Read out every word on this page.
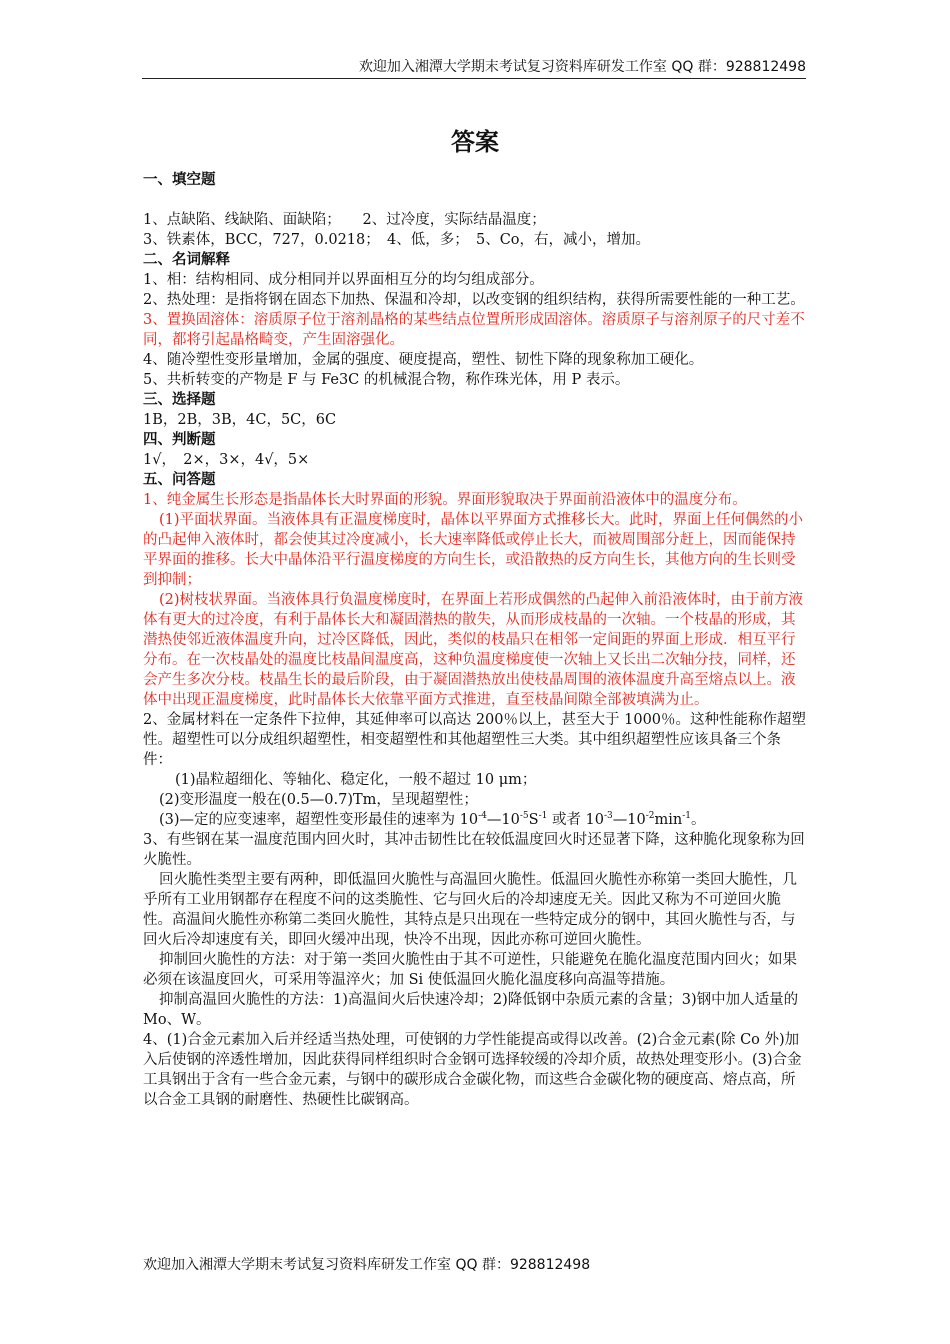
欢迎加入湘潭大学期末考试复习资料库研发工作室 QQ 群：928812498
答案

一、填空题

1、点缺陷、线缺陷、面缺陷；　　2、过冷度，实际结晶温度；

3、铁素体，BCC，727，0.0218；　4、低，多；　5、Co，右，减小，增加。

二、名词解释

1、相：结构相同、成分相同并以界面相互分的均匀组成部分。

2、热处理：是指将钢在固态下加热、保温和冷却，以改变钢的组织结构，获得所需要性能的一种工艺。

3、置换固溶体：溶质原子位于溶剂晶格的某些结点位置所形成固溶体。溶质原子与溶剂原子的尺寸差不同，都将引起晶格畸变，产生固溶强化。

4、随冷塑性变形量增加，金属的强度、硬度提高，塑性、韧性下降的现象称加工硬化。

5、共析转变的产物是 F 与 Fe3C 的机械混合物，称作珠光体，用 P 表示。

三、选择题

1B，2B，3B，4C，5C，6C

四、判断题

1√，　2×，3×，4√，5×

五、问答题

1、纯金属生长形态是指晶体长大时界面的形貌。界面形貌取决于界面前沿液体中的温度分布。

(1)平面状界面。当液体具有正温度梯度时，晶体以平界面方式推移长大。此时，界面上任何偶然的小的凸起伸入液体时，都会使其过冷度减小，长大速率降低或停止长大，而被周围部分赶上，因而能保持平界面的推移。长大中晶体沿平行温度梯度的方向生长，或沿散热的反方向生长，其他方向的生长则受到抑制；

(2)树枝状界面。当液体具行负温度梯度时，在界面上若形成偶然的凸起伸入前沿液体时，由于前方液体有更大的过冷度，有利于晶体长大和凝固潜热的散失，从而形成枝晶的一次轴。一个枝晶的形成，其潜热使邻近液体温度升向，过冷区降低，因此，类似的枝晶只在相邻一定间距的界面上形成．相互平行分布。在一次枝晶处的温度比枝晶间温度高，这种负温度梯度使一次轴上又长出二次轴分技，同样，还会产生多次分枝。枝晶生长的最后阶段，由于凝固潜热放出使枝晶周围的液体温度升高至熔点以上。液体中出现正温度梯度，此时晶体长大依靠平面方式推进，直至枝晶间隙全部被填满为止。

2、金属材料在一定条件下拉伸，其延伸率可以高达 200％以上，甚至大于 1000％。这种性能称作超塑性。超塑性可以分成组织超塑性，相变超塑性和其他超塑性三大类。其中组织超塑性应该具备三个条件：

(1)晶粒超细化、等轴化、稳定化，一般不超过 10 μm；

(2)变形温度一般在(0.5—0.7)Tm，呈现超塑性；

(3)—定的应变速率，超塑性变形最佳的速率为 $10^{-4}—10^{-5}S^{-1}$ 或者 $10^{-3}—10^{-2}\min^{-1}$。

3、有些钢在某一温度范围内回火时，其冲击韧性比在较低温度回火时还显著下降，这种脆化现象称为回火脆性。

回火脆性类型主要有两种，即低温回火脆性与高温回火脆性。低温回火脆性亦称第一类回大脆性，几乎所有工业用钢都存在程度不问的这类脆性、它与回火后的冷却速度无关。因此又称为不可逆回火脆性。高温间火脆性亦称第二类回火脆性，其特点是只出现在一些特定成分的钢中，其回火脆性与否，与回火后冷却速度有关，即回火缓冲出现，快冷不出现，因此亦称可逆回火脆性。

抑制回火脆性的方法：对于第一类回火脆性由于其不可逆性，只能避免在脆化温度范围内回火；如果必须在该温度回火，可采用等温淬火；加 Si 使低温回火脆化温度移向高温等措施。

抑制高温回火脆性的方法：1)高温间火后快速冷却；2)降低钢中杂质元素的含量；3)钢中加人适量的 Mo、W。

4、(1)合金元素加入后并经适当热处理，可使钢的力学性能提高或得以改善。(2)合金元素(除 Co 外)加入后使钢的淬透性增加，因此获得同样组织时合金钢可选择较缓的冷却介质，故热处理变形小。(3)合金工具钢出于含有一些合金元素，与钢中的碳形成合金碳化物，而这些合金碳化物的硬度高、熔点高，所以合金工具钢的耐磨性、热硬性比碳钢高。

欢迎加入湘潭大学期末考试复习资料库研发工作室 QQ 群：928812498
